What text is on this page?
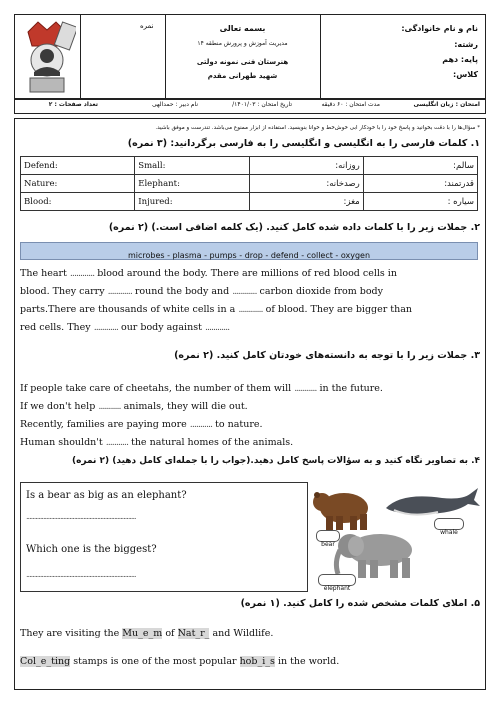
نمره	بسمه تعالی
مدیریت آموزش و پرورش منطقه ۱۴
هنرستان فنی نمونه دولتی
شهید طهرانی مقدم
نام و نام خانوادگی:
رشته:
پایه: دهم
کلاس:
امتحان : زبان انگلیسی
مدت امتحان : ۶۰ دقیقه
تاریخ امتحان : ۱۴۰۱/۰۳/
نام دبیر : حمدالهی
تعداد صفحات : ۲
* سؤال‌ها را با دقت بخوانید و پاسخ خود را با خودکار آبی خوش‌خط و خوانا بنویسید. استفاده از ابزار ممنوع می‌باشد. تندرست و موفق باشید.
۱. کلمات فارسی را به انگلیسی و انگلیسی را به فارسی برگردانید: (۳ نمره)
Defend:	Small:	روزانه:	سالم:
Nature:	Elephant:	رصدخانه:	قدرتمند:
Blood:	Injured:	مغز:	سیاره :
۲. جملات زیر را با کلمات داده شده کامل کنید. (یک کلمه اضافی است.) (۲ نمره)
microbes - plasma - pumps - drop - defend - collect - oxygen
The heart ............ blood around the body. There are millions of red blood cells in
blood. They carry ............ round the body and ............ carbon dioxide from body
parts.There are thousands of white cells in a ............ of blood. They are bigger than
red cells. They ............ our body against ............
۳. جملات زیر را با توجه به دانسته‌های خودتان کامل کنید. (۲ نمره)
If people take care of cheetahs, the number of them will ........... in the future.
If we don't help ........... animals, they will die out.
Recently, families are paying more ........... to nature.
Human shouldn't ........... the natural homes of the animals.
۴. به تصاویر نگاه کنید و به سؤالات پاسخ کامل دهید.(جواب را با جمله‌ای کامل دهید) (۲ نمره)
Is a bear as big as an elephant?
.......................................................................
Which one is the biggest?
.......................................................................
bear
whale
elephant
۵. املای کلمات مشخص شده را کامل کنید. (۱ نمره)
They are visiting the Mu_e_m of Nat_r_ and Wildlife.
Col_e_ting stamps is one of the most popular hob_i_s in the world.
